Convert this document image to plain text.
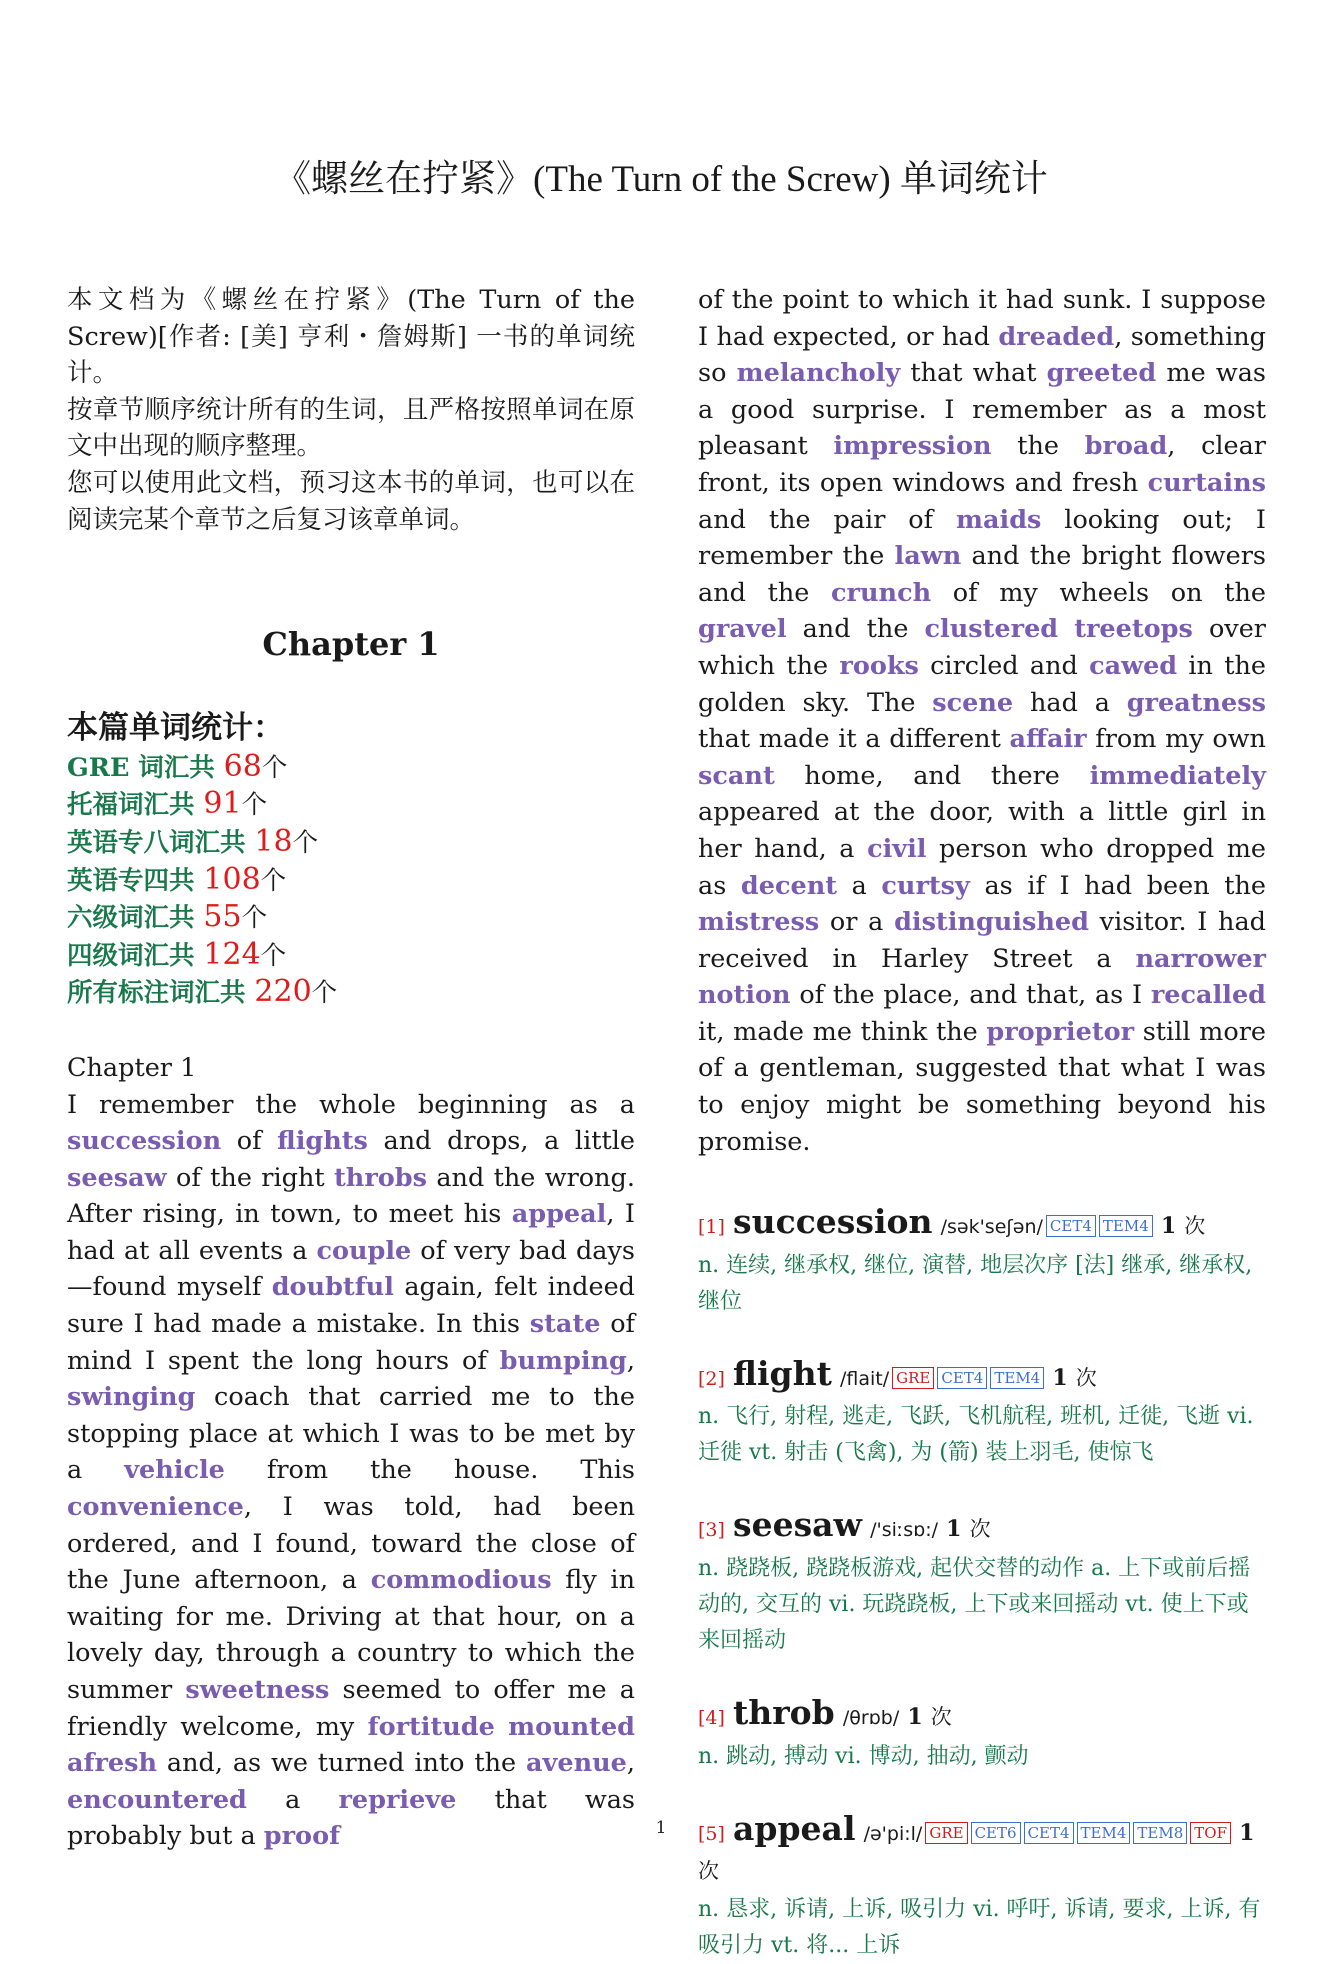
《螺丝在拧紧》(The Turn of the Screw) 单词统计
本文档为《螺丝在拧紧》(The Turn of the Screw)[作者: [美] 亨利・詹姆斯] 一书的单词统计。
按章节顺序统计所有的生词，且严格按照单词在原文中出现的顺序整理。
您可以使用此文档，预习这本书的单词，也可以在阅读完某个章节之后复习该章单词。
Chapter 1
本篇单词统计：
GRE 词汇共 68个
托福词汇共 91个
英语专八词汇共 18个
英语专四共 108个
六级词汇共 55个
四级词汇共 124个
所有标注词汇共 220个
Chapter 1
I remember the whole beginning as a succession of flights and drops, a little seesaw of the right throbs and the wrong. After rising, in town, to meet his appeal, I had at all events a couple of very bad days—found myself doubtful again, felt indeed sure I had made a mistake. In this state of mind I spent the long hours of bumping, swinging coach that carried me to the stopping place at which I was to be met by a vehicle from the house. This convenience, I was told, had been ordered, and I found, toward the close of the June afternoon, a commodious fly in waiting for me. Driving at that hour, on a lovely day, through a country to which the summer sweetness seemed to offer me a friendly welcome, my fortitude mounted afresh and, as we turned into the avenue, encountered a reprieve that was probably but a proof
of the point to which it had sunk. I suppose I had expected, or had dreaded, something so melancholy that what greeted me was a good surprise. I remember as a most pleasant impression the broad, clear front, its open windows and fresh curtains and the pair of maids looking out; I remember the lawn and the bright flowers and the crunch of my wheels on the gravel and the clustered treetops over which the rooks circled and cawed in the golden sky. The scene had a greatness that made it a different affair from my own scant home, and there immediately appeared at the door, with a little girl in her hand, a civil person who dropped me as decent a curtsy as if I had been the mistress or a distinguished visitor. I had received in Harley Street a narrower notion of the place, and that, as I recalled it, made me think the proprietor still more of a gentleman, suggested that what I was to enjoy might be something beyond his promise.
[1] succession /sək'seʃən/ CET4 TEM4 1 次
n. 连续, 继承权, 继位, 演替, 地层次序 [法] 继承, 继承权, 继位
[2] flight /flait/ GRE CET4 TEM4 1 次
n. 飞行, 射程, 逃走, 飞跃, 飞机航程, 班机, 迁徙, 飞逝 vi. 迁徙 vt. 射击 (飞禽), 为 (箭) 装上羽毛, 使惊飞
[3] seesaw /'siːsɒ:/ 1 次
n. 跷跷板, 跷跷板游戏, 起伏交替的动作 a. 上下或前后摇动的, 交互的 vi. 玩跷跷板, 上下或来回摇动 vt. 使上下或来回摇动
[4] throb /θrɒb/ 1 次
n. 跳动, 搏动 vi. 博动, 抽动, 颤动
[5] appeal /ə'pi:l/ GRE CET6 CET4 TEM4 TEM8 TOF 1 次
n. 恳求, 诉请, 上诉, 吸引力 vi. 呼吁, 诉请, 要求, 上诉, 有吸引力 vt. 将... 上诉
1
